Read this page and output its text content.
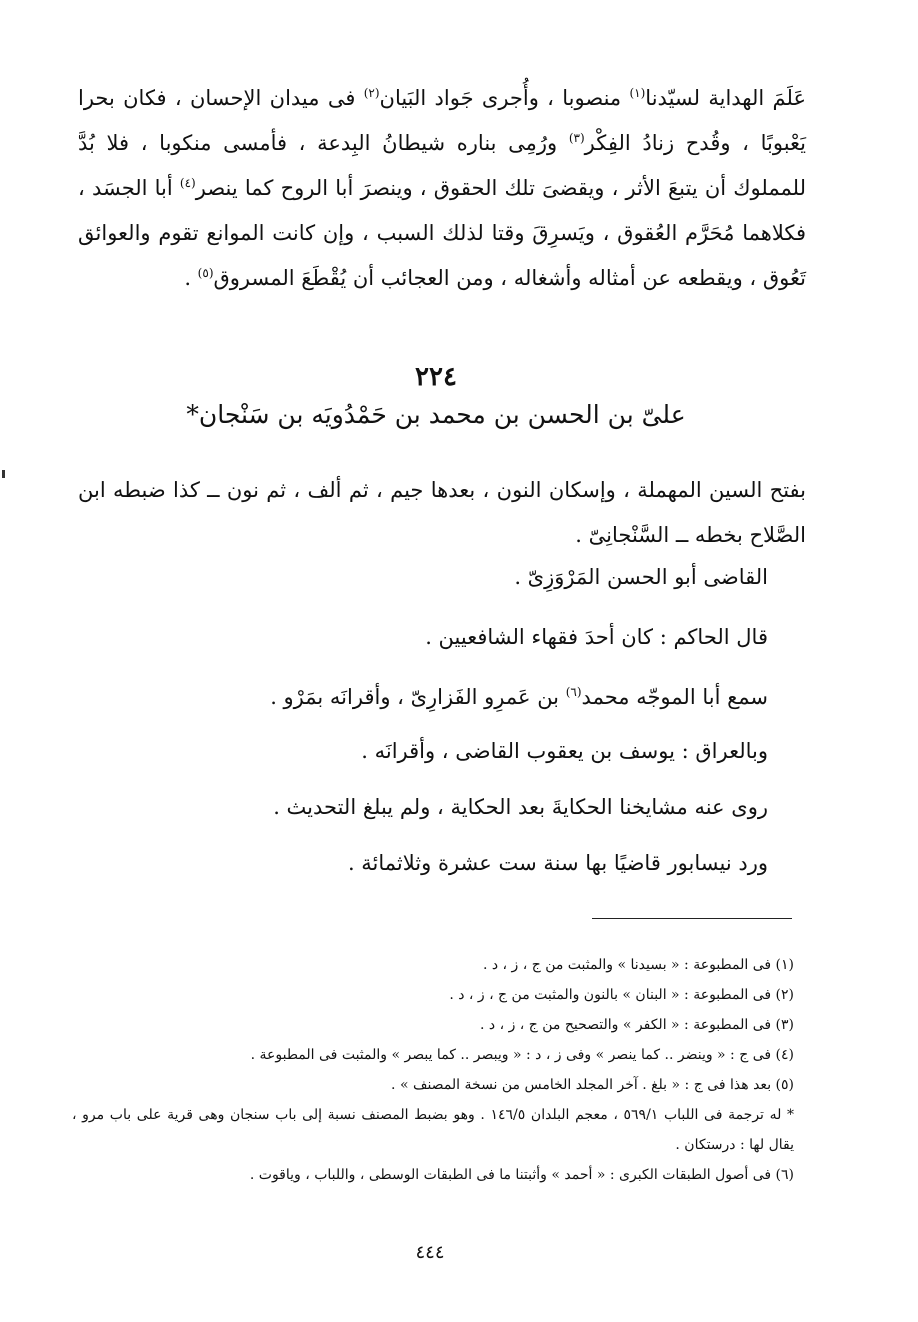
عَلَمَ الهداية لسيّدنا$^{(١)}$ منصوبا ، وأُجرى جَواد البَيان$^{(٢)}$ فى ميدان الإحسان ، فكان بحرا يَعْبوبًا ، وقُدح زنادُ الفِكْر$^{(٣)}$ ورُمِى بناره شيطانُ البِدعة ، فأمسى منكوبا ، فلا بُدَّ للمملوك أن يتبعَ الأثر ، ويقضىَ تلك الحقوق ، وينصرَ أبا الروح كما ينصر$^{(٤)}$ أبا الجسَد ، فكلاهما مُحَرَّم العُقوق ، ويَسرِقَ وقتا لذلك السبب ، وإن كانت الموانع تقوم والعوائق تَعُوق ، ويقطعه عن أمثاله وأشغاله ، ومن العجائب أن يُقْطَعَ المسروق$^{(٥)}$ .
٢٢٤
علىّ بن الحسن بن محمد بن حَمْدُويَه بن سَنْجان*
بفتح السين المهملة ، وإسكان النون ، بعدها جيم ، ثم ألف ، ثم نون ــ كذا ضبطه ابن الصَّلاح بخطه ــ السَّنْجانِىّ .

القاضى أبو الحسن المَرْوَزِىّ .

قال الحاكم : كان أحدَ فقهاء الشافعيين .

سمع أبا الموجّه محمد$^{(٦)}$ بن عَمرِو الفَزارِىّ ، وأقرانَه بمَرْو .

وبالعراق : يوسف بن يعقوب القاضى ، وأقرانَه .

روى عنه مشايخنا الحكايةَ بعد الحكاية ، ولم يبلغ التحديث .

ورد نيسابور قاضيًا بها سنة ست عشرة وثلاثمائة .

(١) فى المطبوعة : « بسيدنا » والمثبت من ج ، ز ، د .

(٢) فى المطبوعة : « البنان » بالنون والمثبت من ج ، ز ، د .

(٣) فى المطبوعة : « الكفر » والتصحيح من ج ، ز ، د .

(٤) فى ج : « وينضر .. كما ينصر » وفى ز ، د : « ويبصر .. كما يبصر » والمثبت فى المطبوعة .

(٥) بعد هذا فى ج : « بلغ . آخر المجلد الخامس من نسخة المصنف » .

* له ترجمة فى اللباب ٥٦٩/١ ، معجم البلدان ١٤٦/٥ . وهو بضبط المصنف نسبة إلى باب سنجان وهى قرية على باب مرو ، يقال لها : درستكان .

(٦) فى أصول الطبقات الكبرى : « أحمد » وأثبتنا ما فى الطبقات الوسطى ، واللباب ، وياقوت .

٤٤٤
